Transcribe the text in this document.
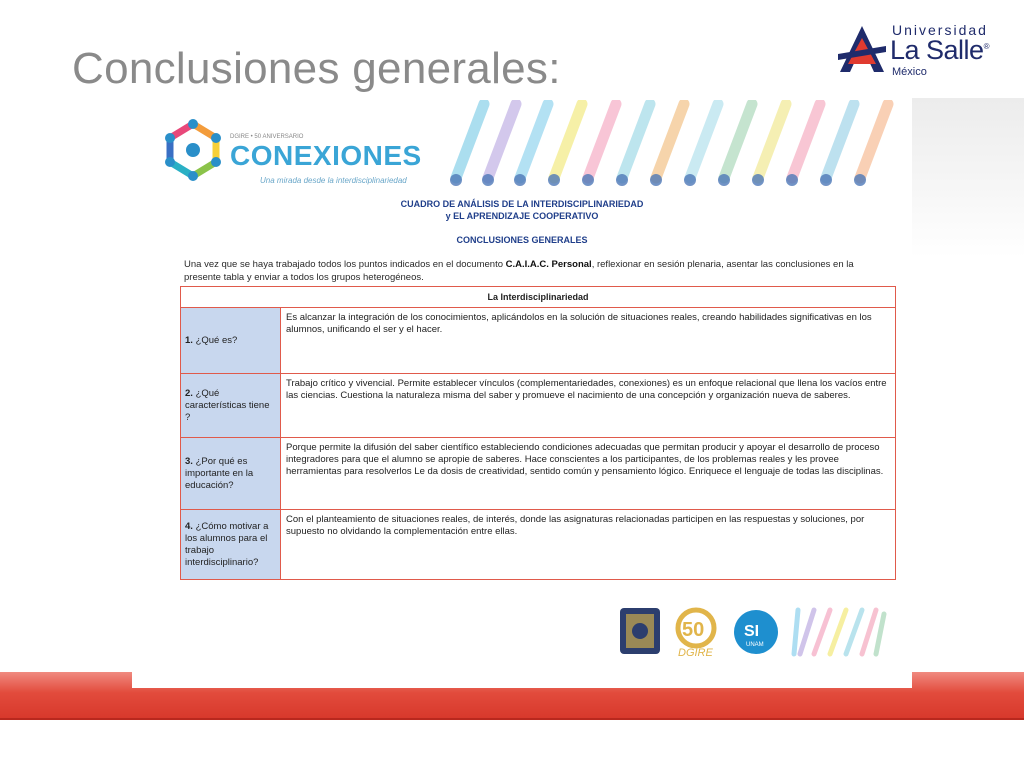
Conclusiones generales:
Universidad
La Salle®
México
DGIRE • 50 ANIVERSARIO
CONEXIONES
Una mirada desde la interdisciplinariedad
CUADRO DE ANÁLISIS DE LA INTERDISCIPLINARIEDAD
y EL APRENDIZAJE COOPERATIVO
CONCLUSIONES GENERALES
Una vez que se haya trabajado todos los puntos indicados en el documento C.A.I.A.C. Personal, reflexionar en sesión plenaria, asentar las conclusiones en la presente tabla y enviar a todos los grupos heterogéneos.
La Interdisciplinariedad	
1. ¿Qué es?	Es alcanzar la integración de los conocimientos, aplicándolos en la solución de situaciones reales, creando habilidades significativas en los alumnos, unificando el ser y el hacer.
2. ¿Qué características tiene ?	Trabajo crítico y vivencial. Permite establecer vínculos (complementariedades, conexiones) es un enfoque relacional que llena los vacíos entre las ciencias. Cuestiona la naturaleza misma del saber y promueve el nacimiento de una concepción y organización nueva de saberes.
3. ¿Por qué es importante en la educación?	Porque permite la difusión del saber científico estableciendo condiciones adecuadas que permitan producir y apoyar el desarrollo de proceso integradores para que el alumno se apropie de saberes. Hace conscientes a los participantes, de los problemas reales y les provee herramientas para resolverlos Le da dosis de creatividad, sentido común y pensamiento lógico. Enriquece el lenguaje de todas las disciplinas.
4. ¿Cómo motivar a los alumnos para el trabajo interdisciplinario?	Con el planteamiento de situaciones reales, de interés, donde las asignaturas relacionadas participen en las respuestas y soluciones, por supuesto no olvidando la complementación entre ellas.
50
DGIRE
SI
UNAM
